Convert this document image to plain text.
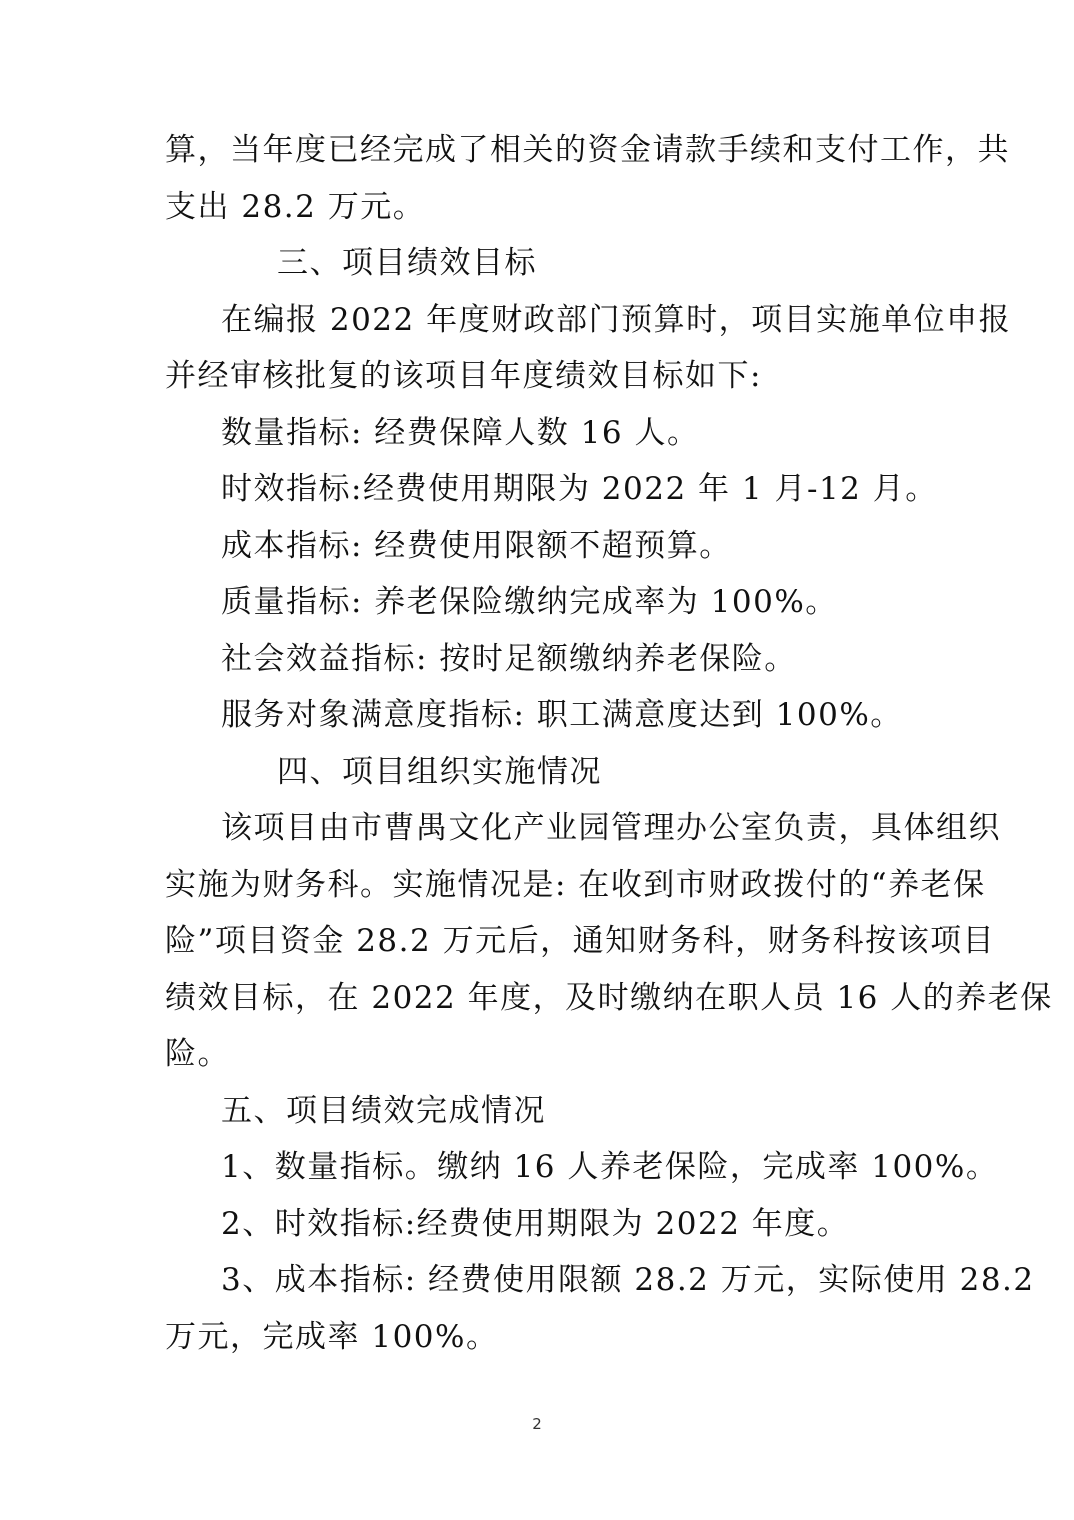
算，当年度已经完成了相关的资金请款手续和支付工作，共
支出 28.2 万元。
三、项目绩效目标
在编报 2022 年度财政部门预算时，项目实施单位申报
并经审核批复的该项目年度绩效目标如下:
数量指标: 经费保障人数 16 人。
时效指标:经费使用期限为 2022 年 1 月-12 月。
成本指标: 经费使用限额不超预算。
质量指标: 养老保险缴纳完成率为 100%。
社会效益指标: 按时足额缴纳养老保险。
服务对象满意度指标: 职工满意度达到 100%。
四、项目组织实施情况
该项目由市曹禺文化产业园管理办公室负责，具体组织
实施为财务科。实施情况是: 在收到市财政拨付的“养老保
险”项目资金 28.2 万元后，通知财务科，财务科按该项目
绩效目标，在 2022 年度，及时缴纳在职人员 16 人的养老保
险。
五、项目绩效完成情况
1、数量指标。缴纳 16 人养老保险，完成率 100%。
2、时效指标:经费使用期限为 2022 年度。
3、成本指标: 经费使用限额 28.2 万元，实际使用 28.2
万元，完成率 100%。
2
